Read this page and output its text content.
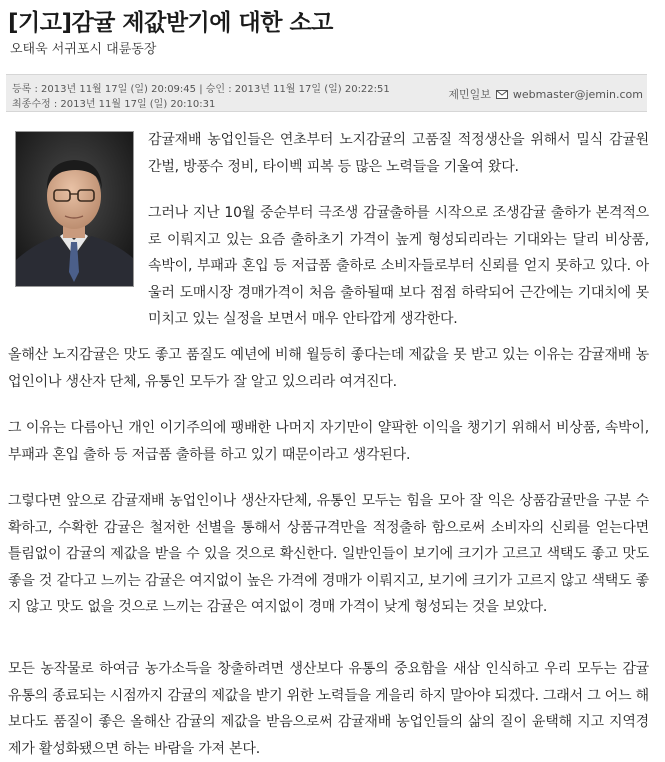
[기고]감귤 제값받기에 대한 소고
오태욱 서귀포시 대륜동장
등록 : 2013년 11월 17일 (일) 20:09:45 | 승인 : 2013년 11월 17일 (일) 20:22:51
최종수정 : 2013년 11월 17일 (일) 20:10:31
제민일보 webmaster@jemin.com

감귤재배 농업인들은 연초부터 노지감귤의 고품질 적정생산을 위해서 밀식 감귤원 간벌, 방풍수 정비, 타이벡 피복 등 많은 노력들을 기울여 왔다.

그러나 지난 10월 중순부터 극조생 감귤출하를 시작으로 조생감귤 출하가 본격적으로 이뤄지고 있는 요즘 출하초기 가격이 높게 형성되리라는 기대와는 달리 비상품, 속박이, 부패과 혼입 등 저급품 출하로 소비자들로부터 신뢰를 얻지 못하고 있다. 아울러 도매시장 경매가격이 처음 출하될때 보다 점점 하락되어 근간에는 기대치에 못 미치고 있는 실정을 보면서 매우 안타깝게 생각한다.

올해산 노지감귤은 맛도 좋고 품질도 예년에 비해 월등히 좋다는데 제값을 못 받고 있는 이유는 감귤재배 농업인이나 생산자 단체, 유통인 모두가 잘 알고 있으리라 여겨진다.

그 이유는 다름아닌 개인 이기주의에 팽배한 나머지 자기만이 얄팍한 이익을 챙기기 위해서 비상품, 속박이, 부패과 혼입 출하 등 저급품 출하를 하고 있기 때문이라고 생각된다.

그렇다면 앞으로 감귤재배 농업인이나 생산자단체, 유통인 모두는 힘을 모아 잘 익은 상품감귤만을 구분 수확하고, 수확한 감귤은 철저한 선별을 통해서 상품규격만을 적정출하 함으로써 소비자의 신뢰를 얻는다면 틀림없이 감귤의 제값을 받을 수 있을 것으로 확신한다. 일반인들이 보기에 크기가 고르고 색택도 좋고 맛도 좋을 것 같다고 느끼는 감귤은 여지없이 높은 가격에 경매가 이뤄지고, 보기에 크기가 고르지 않고 색택도 좋지 않고 맛도 없을 것으로 느끼는 감귤은 여지없이 경매 가격이 낮게 형성되는 것을 보았다.

모든 농작물로 하여금 농가소득을 창출하려면 생산보다 유통의 중요함을 새삼 인식하고 우리 모두는 감귤 유통의 종료되는 시점까지 감귤의 제값을 받기 위한 노력들을 게을리 하지 말아야 되겠다. 그래서 그 어느 해 보다도 품질이 좋은 올해산 감귤의 제값을 받음으로써 감귤재배 농업인들의 삶의 질이 윤택해 지고 지역경제가 활성화됐으면 하는 바람을 가져 본다.
